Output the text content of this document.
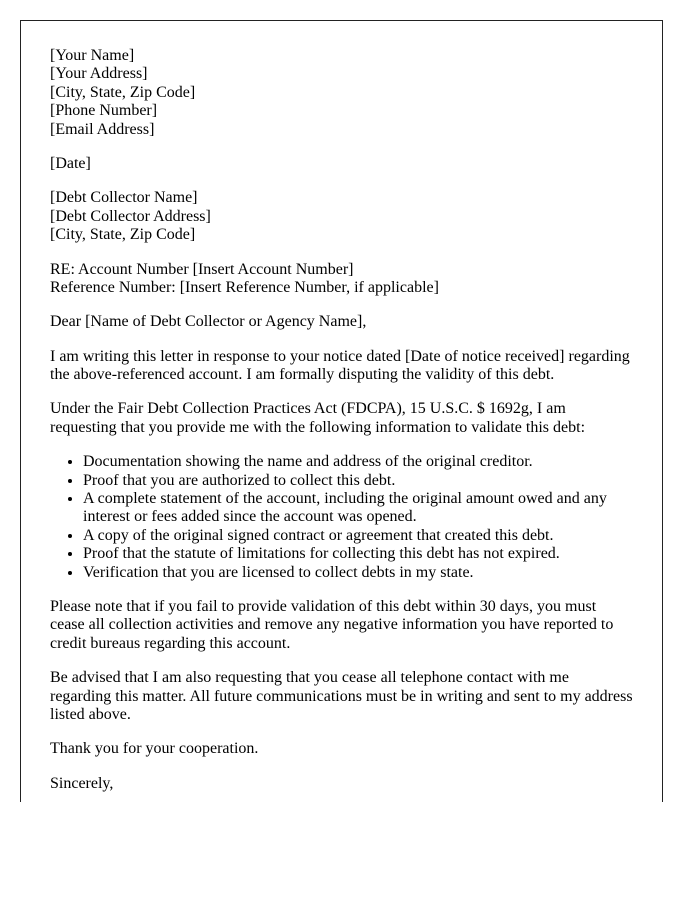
[Your Name]
[Your Address]
[City, State, Zip Code]
[Phone Number]
[Email Address]

[Date]

[Debt Collector Name]
[Debt Collector Address]
[City, State, Zip Code]
RE: Account Number [Insert Account Number]
Reference Number: [Insert Reference Number, if applicable]

Dear [Name of Debt Collector or Agency Name],

I am writing this letter in response to your notice dated [Date of notice received] regarding the above-referenced account. I am formally disputing the validity of this debt.

Under the Fair Debt Collection Practices Act (FDCPA), 15 U.S.C. $ 1692g, I am requesting that you provide me with the following information to validate this debt:

• Documentation showing the name and address of the original creditor.
• Proof that you are authorized to collect this debt.
• A complete statement of the account, including the original amount owed and any interest or fees added since the account was opened.
• A copy of the original signed contract or agreement that created this debt.
• Proof that the statute of limitations for collecting this debt has not expired.
• Verification that you are licensed to collect debts in my state.

Please note that if you fail to provide validation of this debt within 30 days, you must cease all collection activities and remove any negative information you have reported to credit bureaus regarding this account.

Be advised that I am also requesting that you cease all telephone contact with me regarding this matter. All future communications must be in writing and sent to my address listed above.

Thank you for your cooperation.

Sincerely,
